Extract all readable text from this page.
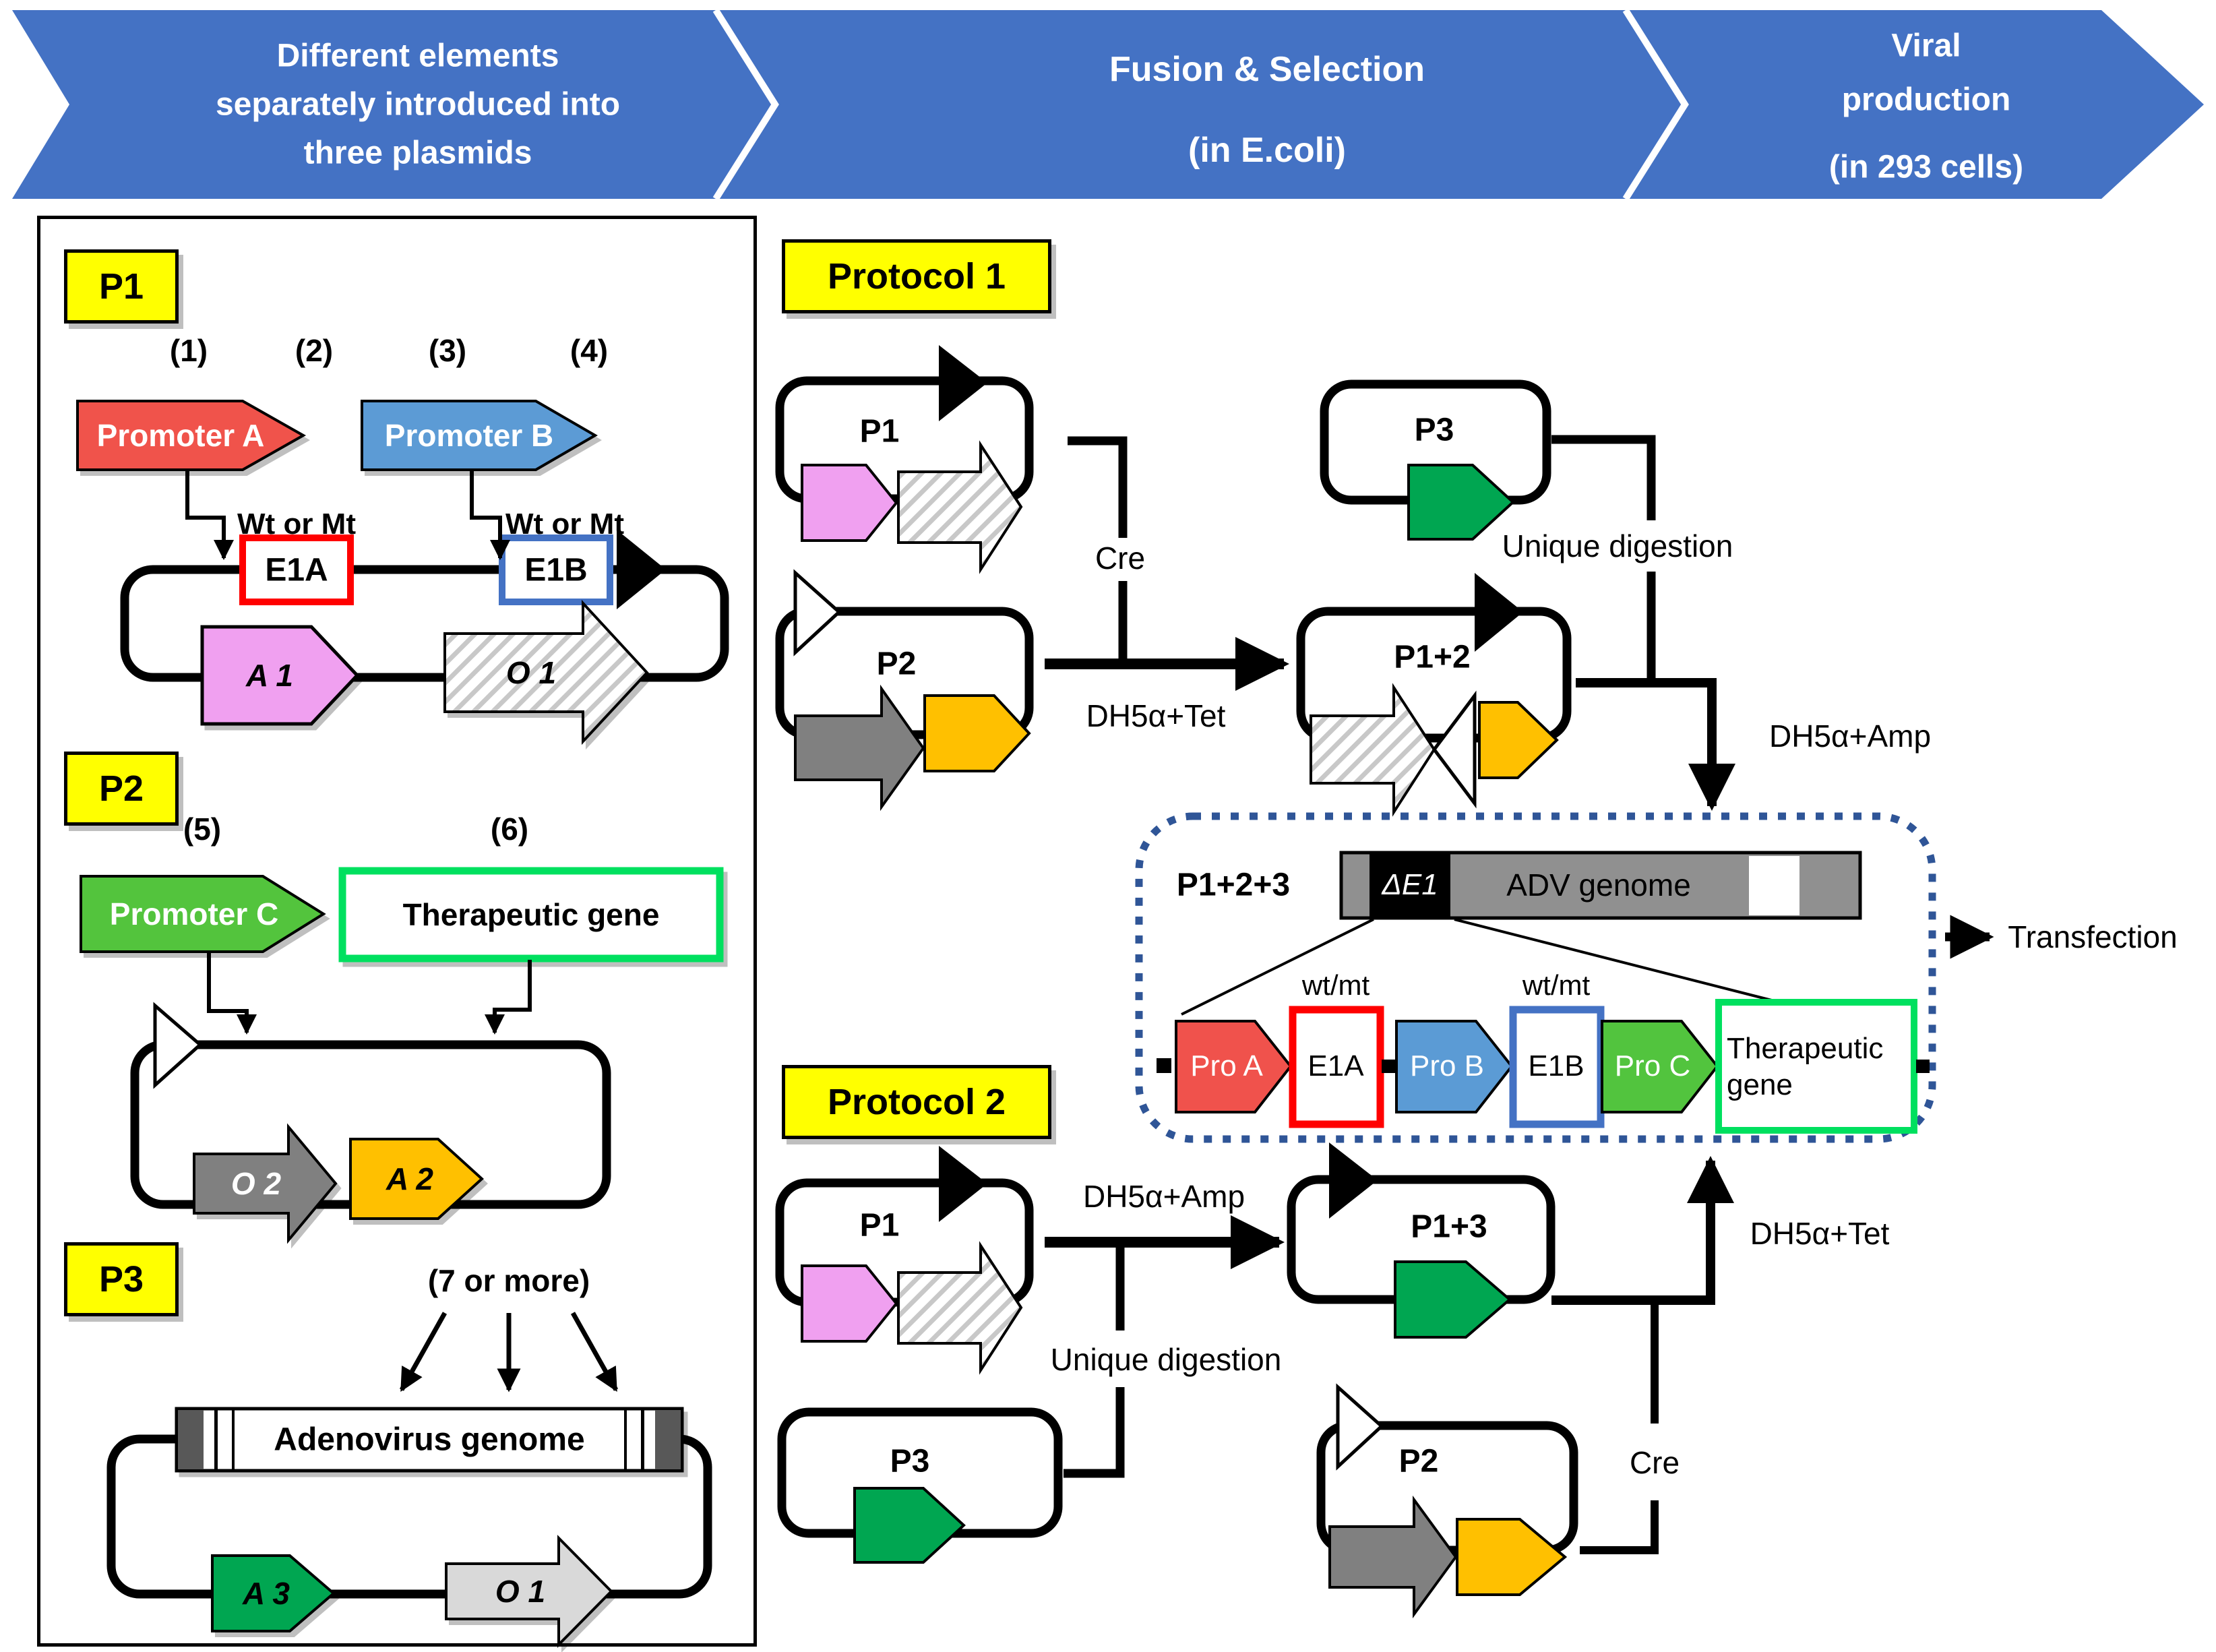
Different elements
separately introduced into
three plasmids
Fusion & Selection
(in E.coli)
Viral
production
(in 293 cells)
P1
P2
P3
Protocol 1
Protocol 2
(1)	(2)	(3)	(4)
Promoter A	Promoter B
Wt or Mt	Wt or Mt
E1A	E1B
A 1	O 1
(5)	(6)
Promoter C	Therapeutic gene
O 2	A 2
(7 or more)
Adenovirus genome
A 3	O 1
P1
Cre
P2
DH5α+Tet
P1+2
P3
Unique digestion
DH5α+Amp
P1+2+3	ΔE1 ADV genome
wt/mt	wt/mt
Pro A E1A Pro B E1B Pro C
Therapeutic
gene
Transfection
P1
DH5α+Amp
Unique digestion
P3
P1+3	DH5α+Tet
Cre
P2
